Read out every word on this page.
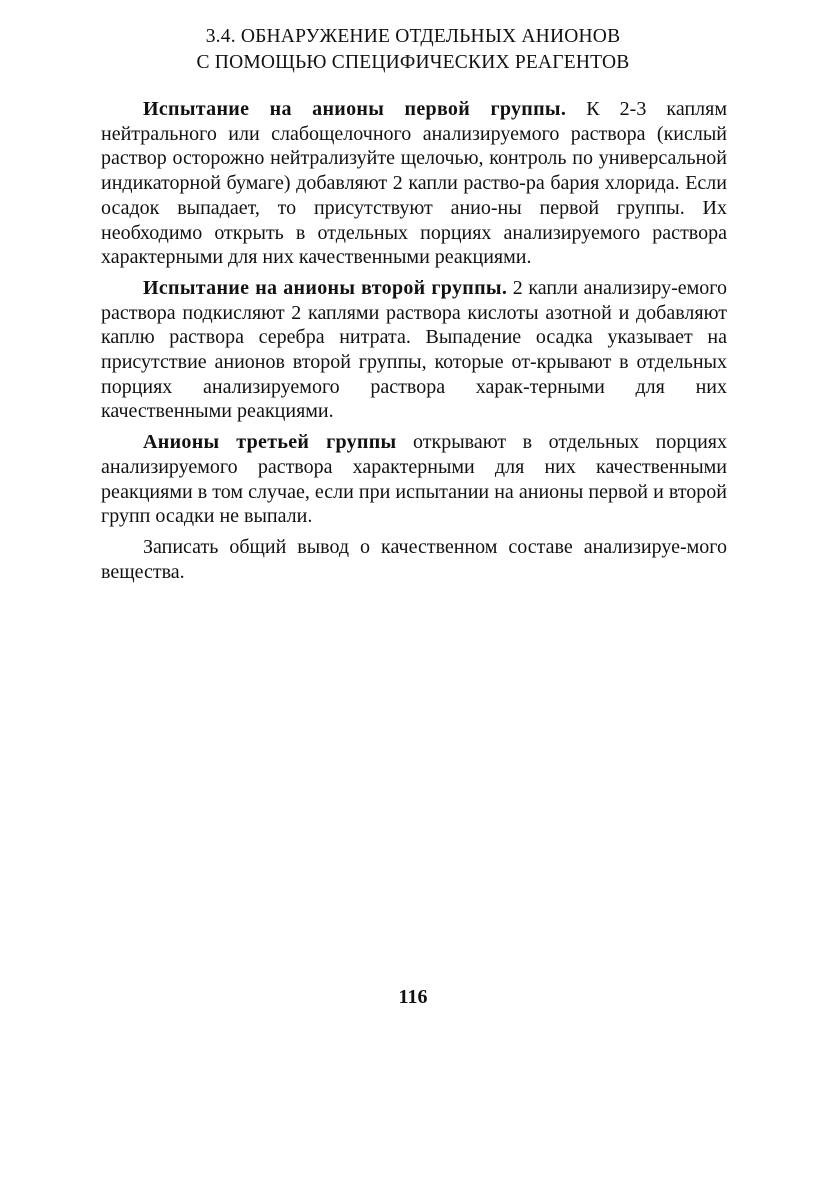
3.4. ОБНАРУЖЕНИЕ ОТДЕЛЬНЫХ АНИОНОВ
С ПОМОЩЬЮ СПЕЦИФИЧЕСКИХ РЕАГЕНТОВ

Испытание на анионы первой группы. К 2-3 каплям нейтрального или слабощелочного анализируемого раствора (кислый раствор осторожно нейтрализуйте щелочью, контроль по универсальной индикаторной бумаге) добавляют 2 капли раство-ра бария хлорида. Если осадок выпадает, то присутствуют анио-ны первой группы. Их необходимо открыть в отдельных порциях анализируемого раствора характерными для них качественными реакциями.

Испытание на анионы второй группы. 2 капли анализиру-емого раствора подкисляют 2 каплями раствора кислоты азотной и добавляют каплю раствора серебра нитрата. Выпадение осадка указывает на присутствие анионов второй группы, которые от-крывают в отдельных порциях анализируемого раствора харак-терными для них качественными реакциями.

Анионы третьей группы открывают в отдельных порциях анализируемого раствора характерными для них качественными реакциями в том случае, если при испытании на анионы первой и второй групп осадки не выпали.

Записать общий вывод о качественном составе анализируе-мого вещества.

116
